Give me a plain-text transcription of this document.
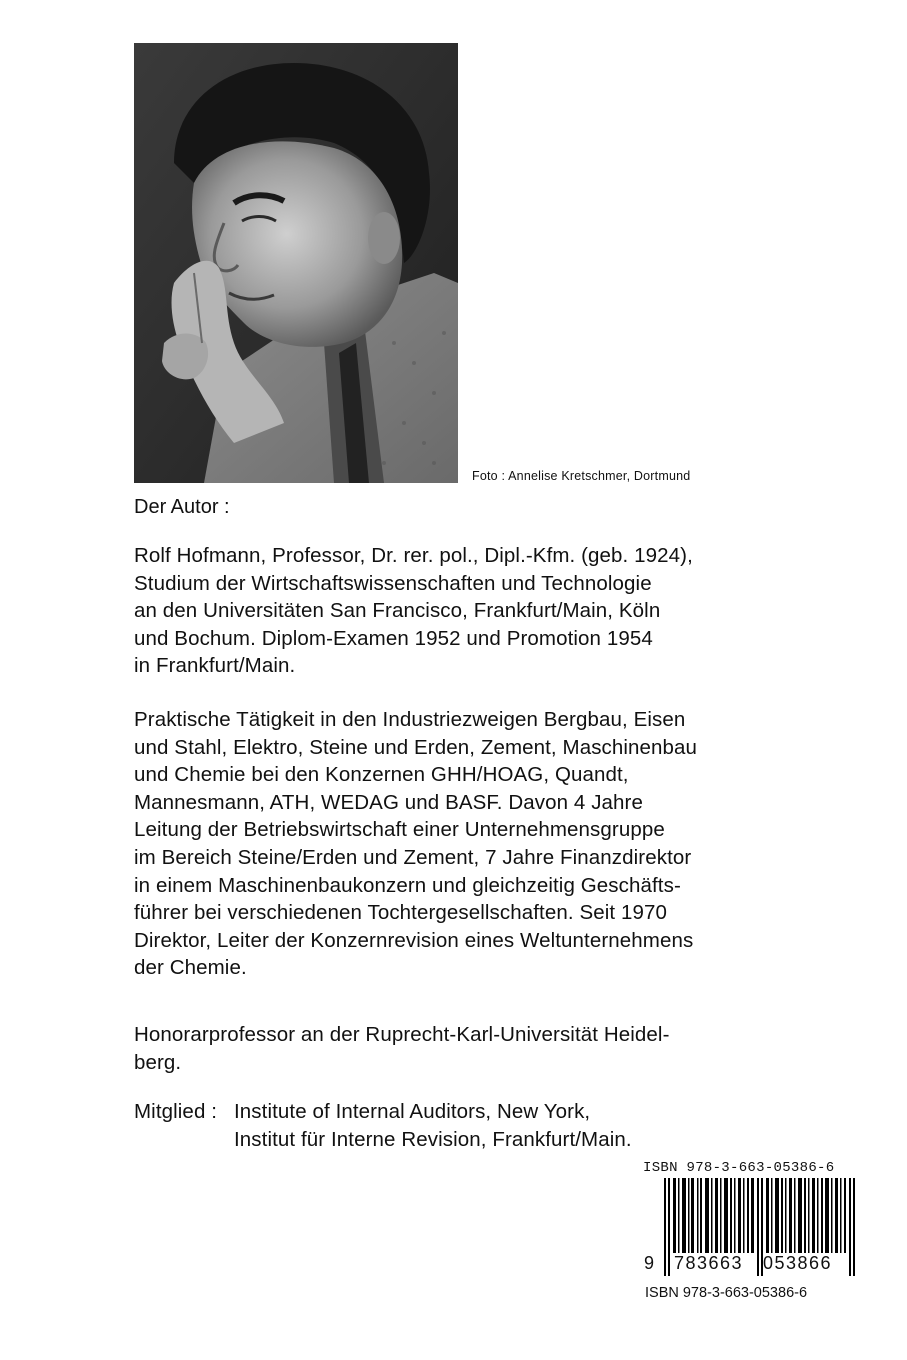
Foto : Annelise Kretschmer, Dortmund
Der Autor :
Rolf Hofmann, Professor, Dr. rer. pol., Dipl.-Kfm. (geb. 1924),
Studium der Wirtschaftswissenschaften und Technologie
an den Universitäten San Francisco, Frankfurt/Main, Köln
und Bochum. Diplom-Examen 1952 und Promotion 1954
in Frankfurt/Main.
Praktische Tätigkeit in den Industriezweigen Bergbau, Eisen
und Stahl, Elektro, Steine und Erden, Zement, Maschinenbau
und Chemie bei den Konzernen GHH/HOAG, Quandt,
Mannesmann, ATH, WEDAG und BASF. Davon 4 Jahre
Leitung der Betriebswirtschaft einer Unternehmensgruppe
im Bereich Steine/Erden und Zement, 7 Jahre Finanzdirektor
in einem Maschinenbaukonzern und gleichzeitig Geschäfts-
führer bei verschiedenen Tochtergesellschaften. Seit 1970
Direktor, Leiter der Konzernrevision eines Weltunternehmens
der Chemie.
Honorarprofessor an der Ruprecht-Karl-Universität Heidel-
berg.
Mitglied : Institute of Internal Auditors, New York,
Institut für Interne Revision, Frankfurt/Main.
ISBN 978-3-663-05386-6
9 783663 053866
ISBN 978-3-663-05386-6
